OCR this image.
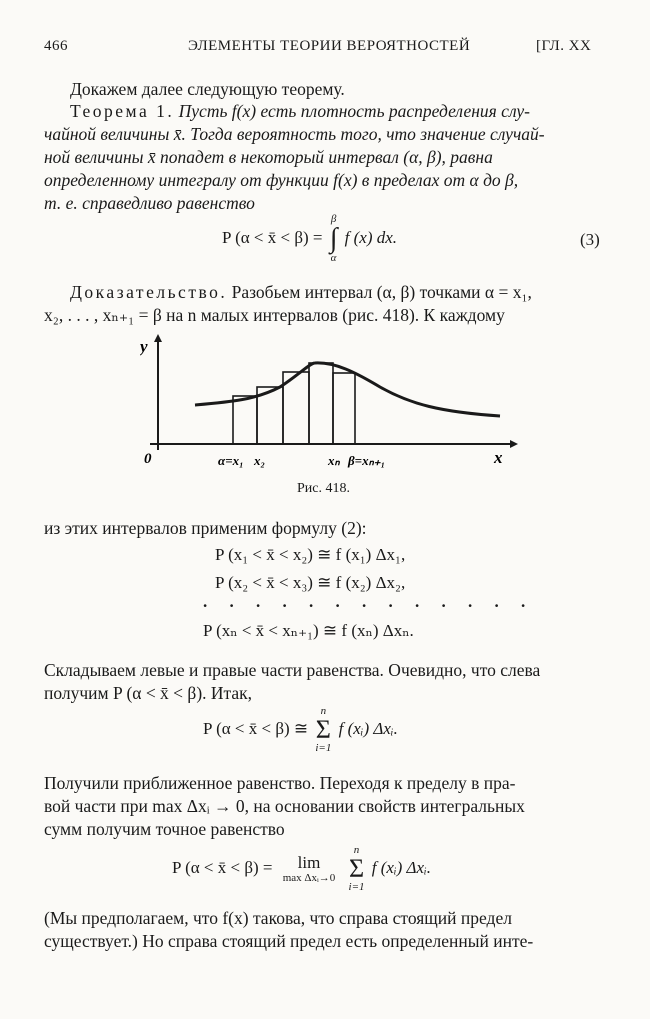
466	ЭЛЕМЕНТЫ ТЕОРИИ ВЕРОЯТНОСТЕЙ	[ГЛ. XX
Докажем далее следующую теорему.
Теорема 1. Пусть f(x) есть плотность распределения слу-
чайной величины x̄. Тогда вероятность того, что значение случай-
ной величины x̄ попадет в некоторый интервал (α, β), равна
определенному интегралу от функции f(x) в пределах от α до β,
т. е. справедливо равенство
P (α < x̄ < β) =
β
∫
α
f (x) dx.	(3)
Доказательство. Разобьем интервал (α, β) точками α = x₁,
x₂, . . . , xₙ₊₁ = β на n малых интервалов (рис. 418). К каждому
y
x
0	α=x₁ x₂	xₙ β=xₙ₊₁
Рис. 418.
из этих интервалов применим формулу (2):
P (x₁ < x̄ < x₂) ≅ f (x₁) Δx₁,
P (x₂ < x̄ < x₃) ≅ f (x₂) Δx₂,
. . . . . . . . . . . . .
P (xₙ < x̄ < xₙ₊₁) ≅ f (xₙ) Δxₙ.
Складываем левые и правые части равенства. Очевидно, что слева
получим P (α < x̄ < β). Итак,
P (α < x̄ < β) ≅
n
Σ
i=1
f (xᵢ) Δxᵢ.
Получили приближенное равенство. Переходя к пределу в пра-
вой части при max Δxᵢ → 0, на основании свойств интегральных
сумм получим точное равенство
P (α < x̄ < β) = lim
max Δxᵢ→0

n
Σ
i=1
f (xᵢ) Δxᵢ.
(Мы предполагаем, что f(x) такова, что справа стоящий предел
существует.) Но справа стоящий предел есть определенный инте-
